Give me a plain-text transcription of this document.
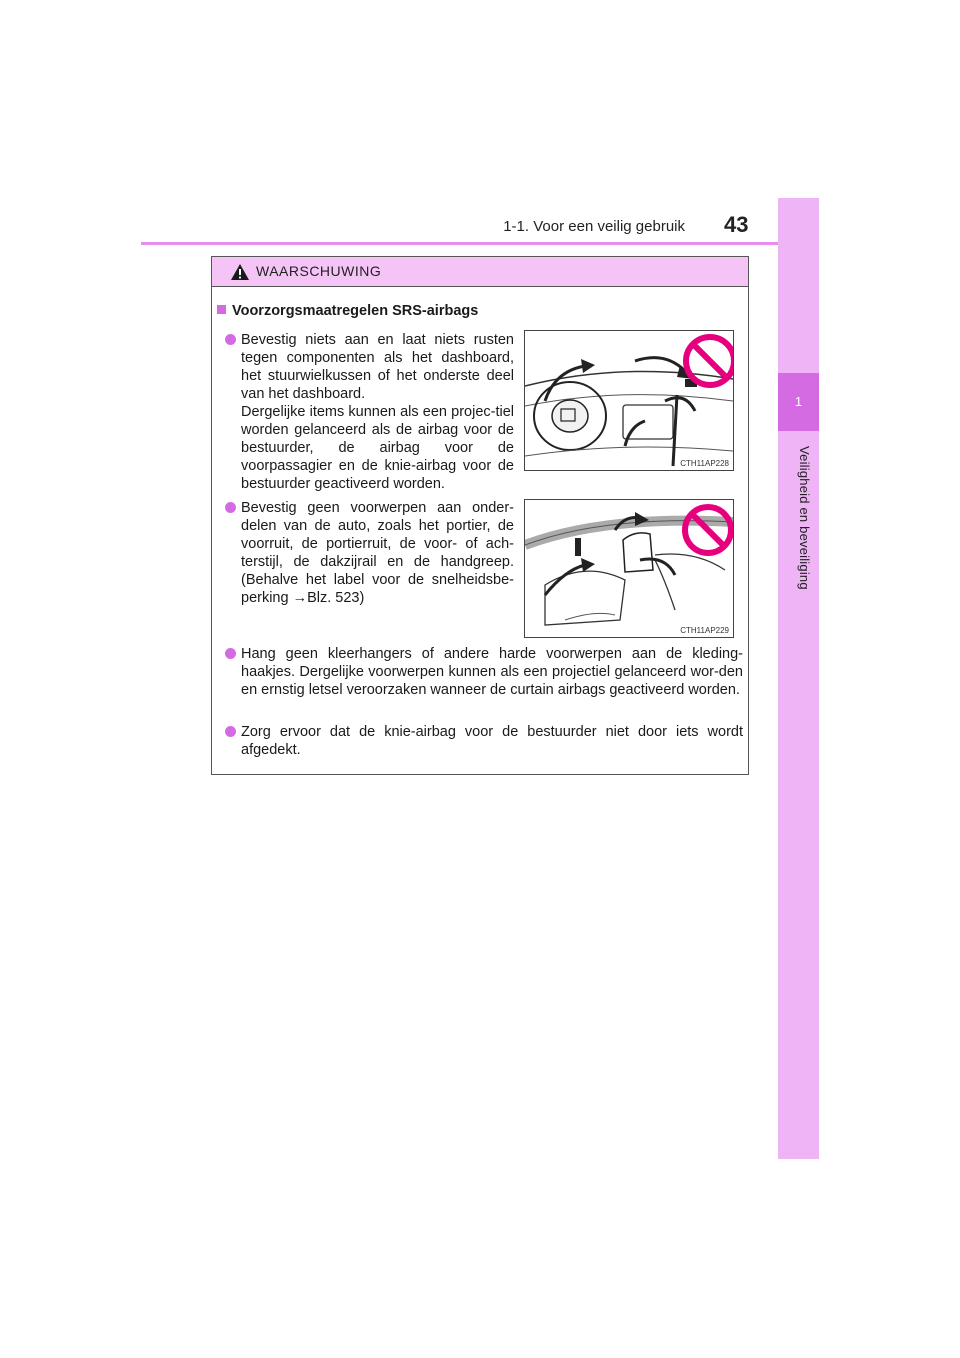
1-1. Voor een veilig gebruik 43
1
Veiligheid en beveiliging
WAARSCHUWING
Voorzorgsmaatregelen SRS-airbags
Bevestig niets aan en laat niets rusten tegen componenten als het dashboard, het stuurwielkussen of het onderste deel van het dashboard.
Dergelijke items kunnen als een projec-tiel worden gelanceerd als de airbag voor de bestuurder, de airbag voor de voorpassagier en de knie-airbag voor de bestuurder geactiveerd worden.
CTH11AP228
Bevestig geen voorwerpen aan onder-delen van de auto, zoals het portier, de voorruit, de portierruit, de voor- of ach-terstijl, de dakzijrail en de handgreep. (Behalve het label voor de snelheidsbe-perking →Blz. 523)
CTH11AP229
Hang geen kleerhangers of andere harde voorwerpen aan de kleding-haakjes. Dergelijke voorwerpen kunnen als een projectiel gelanceerd wor-den en ernstig letsel veroorzaken wanneer de curtain airbags geactiveerd worden.
Zorg ervoor dat de knie-airbag voor de bestuurder niet door iets wordt afgedekt.
